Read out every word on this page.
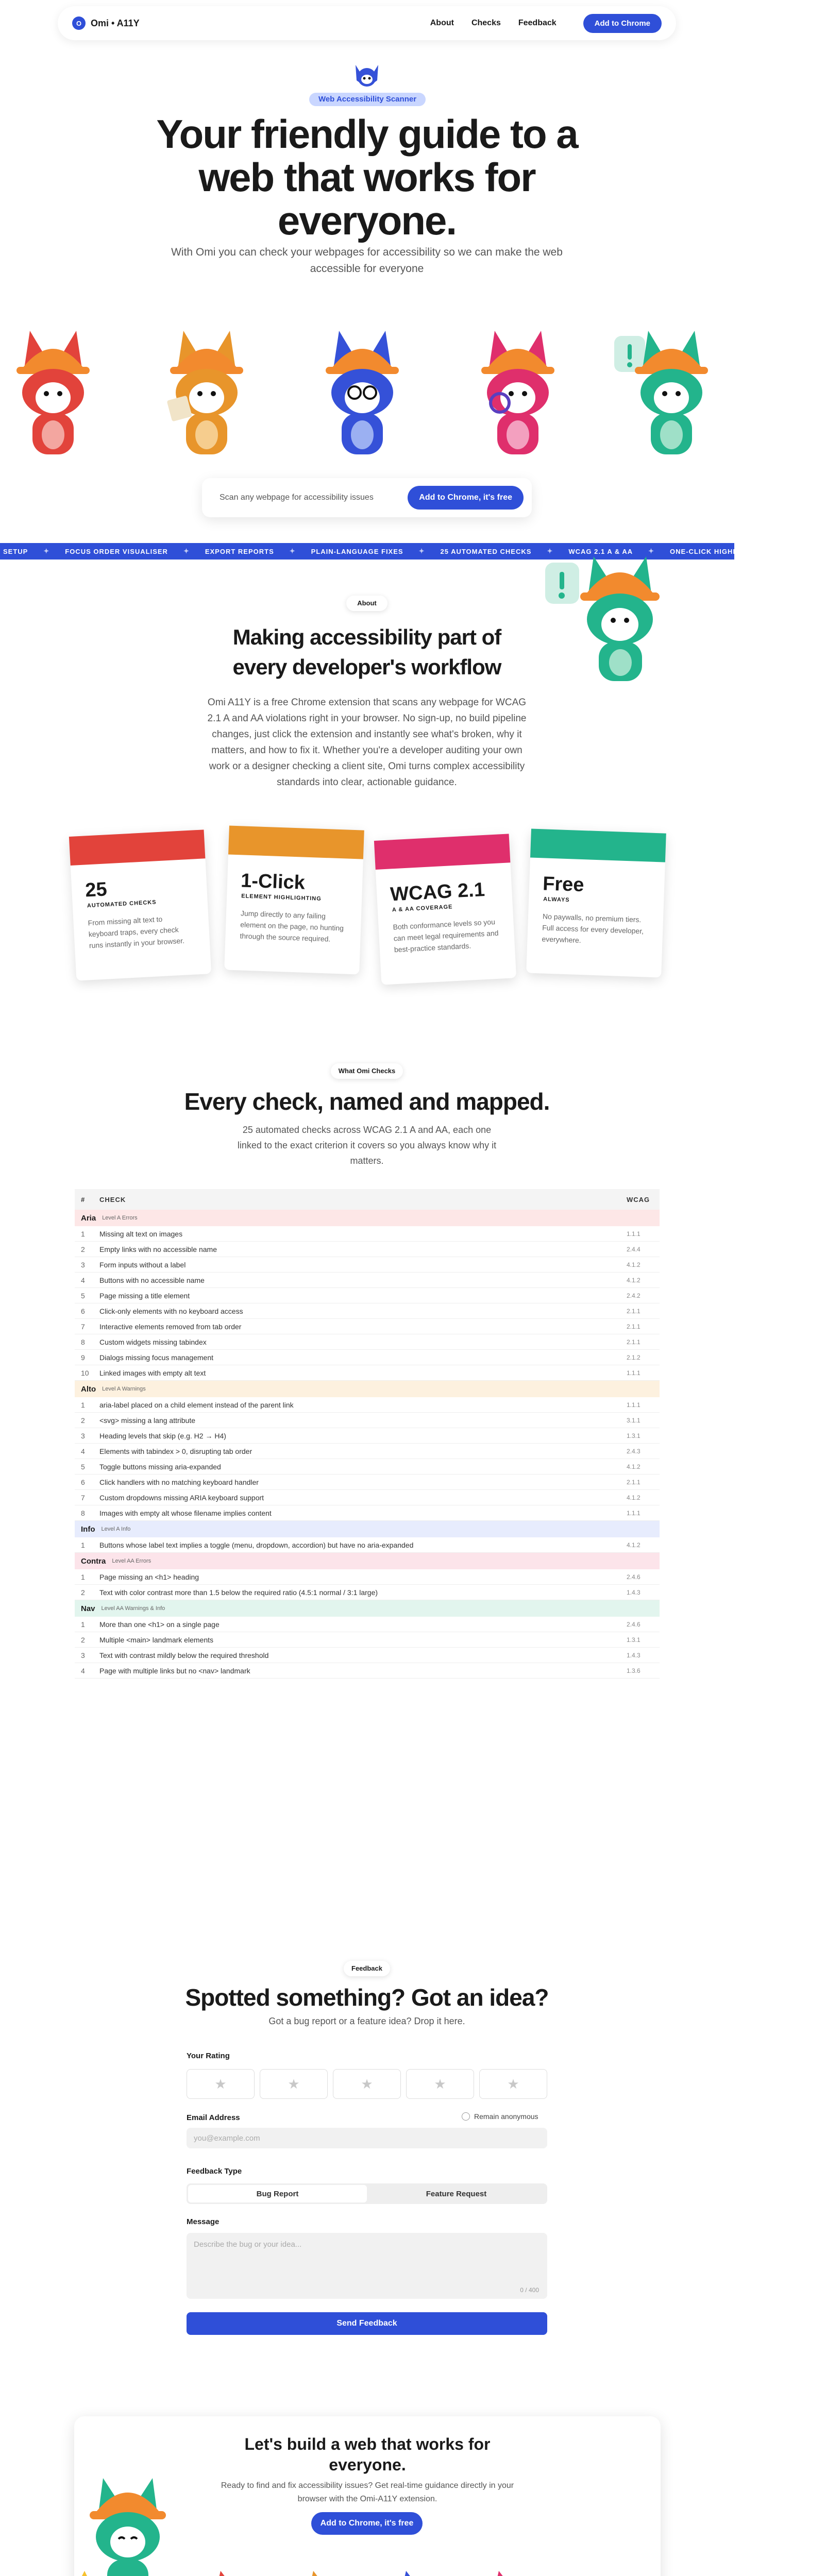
O Omi • A11Y	About Checks Feedback	Add to Chrome
Web Accessibility Scanner
Your friendly guide to a web that works for everyone.
With Omi you can check your webpages for accessibility so we can make the web accessible for everyone
Scan any webpage for accessibility issues	Add to Chrome, it's free
SETUP ✦ FOCUS ORDER VISUALISER ✦ EXPORT REPORTS ✦ PLAIN-LANGUAGE FIXES ✦ 25 AUTOMATED CHECKS ✦ WCAG 2.1 A & AA ✦ ONE-CLICK HIGHLIGHTING ✦ FREE
About
Making accessibility part of every developer's workflow
Omi A11Y is a free Chrome extension that scans any webpage for WCAG 2.1 A and AA violations right in your browser. No sign-up, no build pipeline changes, just click the extension and instantly see what's broken, why it matters, and how to fix it. Whether you're a developer auditing your own work or a designer checking a client site, Omi turns complex accessibility standards into clear, actionable guidance.
25
AUTOMATED CHECKS
From missing alt text to keyboard traps, every check runs instantly in your browser.
1-Click
ELEMENT HIGHLIGHTING
Jump directly to any failing element on the page, no hunting through the source required.
WCAG 2.1
A & AA COVERAGE
Both conformance levels so you can meet legal requirements and best-practice standards.
Free
ALWAYS
No paywalls, no premium tiers. Full access for every developer, everywhere.
What Omi Checks
Every check, named and mapped.
25 automated checks across WCAG 2.1 A and AA, each one linked to the exact criterion it covers so you always know why it matters.
#	CHECK	WCAG
Aria Level A Errors
1	Missing alt text on images	1.1.1
2	Empty links with no accessible name	2.4.4
3	Form inputs without a label	4.1.2
4	Buttons with no accessible name	4.1.2
5	Page missing a title element	2.4.2
6	Click-only elements with no keyboard access	2.1.1
7	Interactive elements removed from tab order	2.1.1
8	Custom widgets missing tabindex	2.1.1
9	Dialogs missing focus management	2.1.2
10	Linked images with empty alt text	1.1.1
Alto Level A Warnings
1	aria-label placed on a child element instead of the parent link	1.1.1
2	<svg> missing a lang attribute	3.1.1
3	Heading levels that skip (e.g. H2 → H4)	1.3.1
4	Elements with tabindex > 0, disrupting tab order	2.4.3
5	Toggle buttons missing aria-expanded	4.1.2
6	Click handlers with no matching keyboard handler	2.1.1
7	Custom dropdowns missing ARIA keyboard support	4.1.2
8	Images with empty alt whose filename implies content	1.1.1
Info Level A Info
1	Buttons whose label text implies a toggle (menu, dropdown, accordion) but have no aria-expanded	4.1.2
Contra Level AA Errors
1	Page missing an <h1> heading	2.4.6
2	Text with color contrast more than 1.5 below the required ratio (4.5:1 normal / 3:1 large)	1.4.3
Nav Level AA Warnings & Info
1	More than one <h1> on a single page	2.4.6
2	Multiple <main> landmark elements	1.3.1
3	Text with contrast mildly below the required threshold	1.4.3
4	Page with multiple links but no <nav> landmark	1.3.6
Feedback
Spotted something? Got an idea?
Got a bug report or a feature idea? Drop it here.
Your Rating
★	★	★	★	★
Email Address	Remain anonymous
you@example.com
Feedback Type
Bug Report	Feature Request
Message
Describe the bug or your idea...
0 / 400
Send Feedback
Let's build a web that works for everyone.
Ready to find and fix accessibility issues? Get real-time guidance directly in your browser with the Omi-A11Y extension.
Add to Chrome, it's free
